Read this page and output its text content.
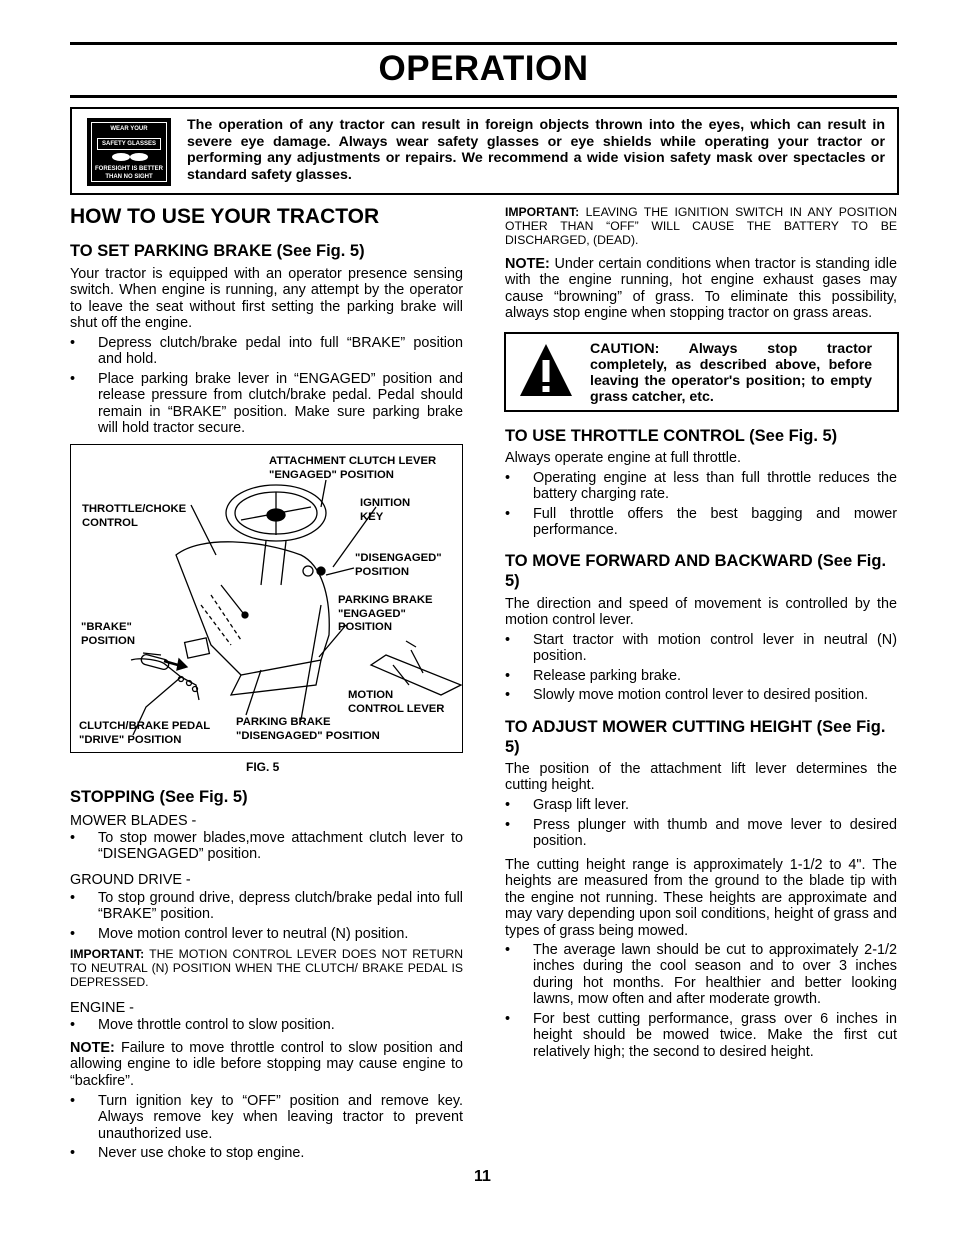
OPERATION
WEAR YOUR
SAFETY GLASSES
FORESIGHT IS BETTER
THAN NO SIGHT
The operation of any tractor can result in foreign objects thrown into the eyes, which can result in severe eye damage. Always wear safety glasses or eye shields while operating your tractor or performing any adjustments or repairs. We recommend a wide vision safety mask over spectacles or standard safety glasses.
HOW TO USE YOUR TRACTOR
TO SET PARKING BRAKE (See Fig. 5)
Your tractor is equipped with an operator presence sensing switch. When engine is running, any attempt by the operator to leave the seat without first setting the parking brake will shut off the engine.
• Depress clutch/brake pedal into full “BRAKE” position and hold.
• Place parking brake lever in “ENGAGED” position and release pressure from clutch/brake pedal. Pedal should remain in “BRAKE” position. Make sure parking brake will hold tractor secure.
ATTACHMENT CLUTCH LEVER
"ENGAGED" POSITION
THROTTLE/CHOKE
CONTROL
IGNITION
KEY
"DISENGAGED"
POSITION
PARKING BRAKE
"ENGAGED"
POSITION
"BRAKE"
POSITION
MOTION
CONTROL LEVER
CLUTCH/BRAKE PEDAL
"DRIVE" POSITION
PARKING BRAKE
"DISENGAGED" POSITION
FIG. 5
STOPPING (See Fig. 5)
MOWER BLADES -
• To stop mower blades,move attachment clutch lever to “DISENGAGED” position.
GROUND DRIVE -
• To stop ground drive, depress clutch/brake pedal into full “BRAKE” position.
• Move motion control lever to neutral (N) position.
IMPORTANT: THE MOTION CONTROL LEVER DOES NOT RETURN TO NEUTRAL (N) POSITION WHEN THE CLUTCH/ BRAKE PEDAL IS DEPRESSED.
ENGINE -
• Move throttle control to slow position.
NOTE: Failure to move throttle control to slow position and allowing engine to idle before stopping may cause engine to “backfire”.
• Turn ignition key to “OFF” position and remove key. Always remove key when leaving tractor to prevent unauthorized use.
• Never use choke to stop engine.
IMPORTANT: LEAVING THE IGNITION SWITCH IN ANY POSITION OTHER THAN “OFF” WILL CAUSE THE BATTERY TO BE DISCHARGED, (DEAD).
NOTE: Under certain conditions when tractor is standing idle with the engine running, hot engine exhaust gases may cause “browning” of grass. To eliminate this possibility, always stop engine when stopping tractor on grass areas.
CAUTION: Always stop tractor completely, as described above, before leaving the operator's position; to empty grass catcher, etc.
TO USE THROTTLE CONTROL (See Fig. 5)
Always operate engine at full throttle.
• Operating engine at less than full throttle reduces the battery charging rate.
• Full throttle offers the best bagging and mower performance.
TO MOVE FORWARD AND BACKWARD (See Fig. 5)
The direction and speed of movement is controlled by the motion control lever.
• Start tractor with motion control lever in neutral (N) position.
• Release parking brake.
• Slowly move motion control lever to desired position.
TO ADJUST MOWER CUTTING HEIGHT (See Fig. 5)
The position of the attachment lift lever determines the cutting height.
• Grasp lift lever.
• Press plunger with thumb and move lever to desired position.
The cutting height range is approximately 1-1/2 to 4". The heights are measured from the ground to the blade tip with the engine not running. These heights are approximate and may vary depending upon soil conditions, height of grass and types of grass being mowed.
• The average lawn should be cut to approximately 2-1/2 inches during the cool season and to over 3 inches during hot months. For healthier and better looking lawns, mow often and after moderate growth.
• For best cutting performance, grass over 6 inches in height should be mowed twice. Make the first cut relatively high; the second to desired height.
11
